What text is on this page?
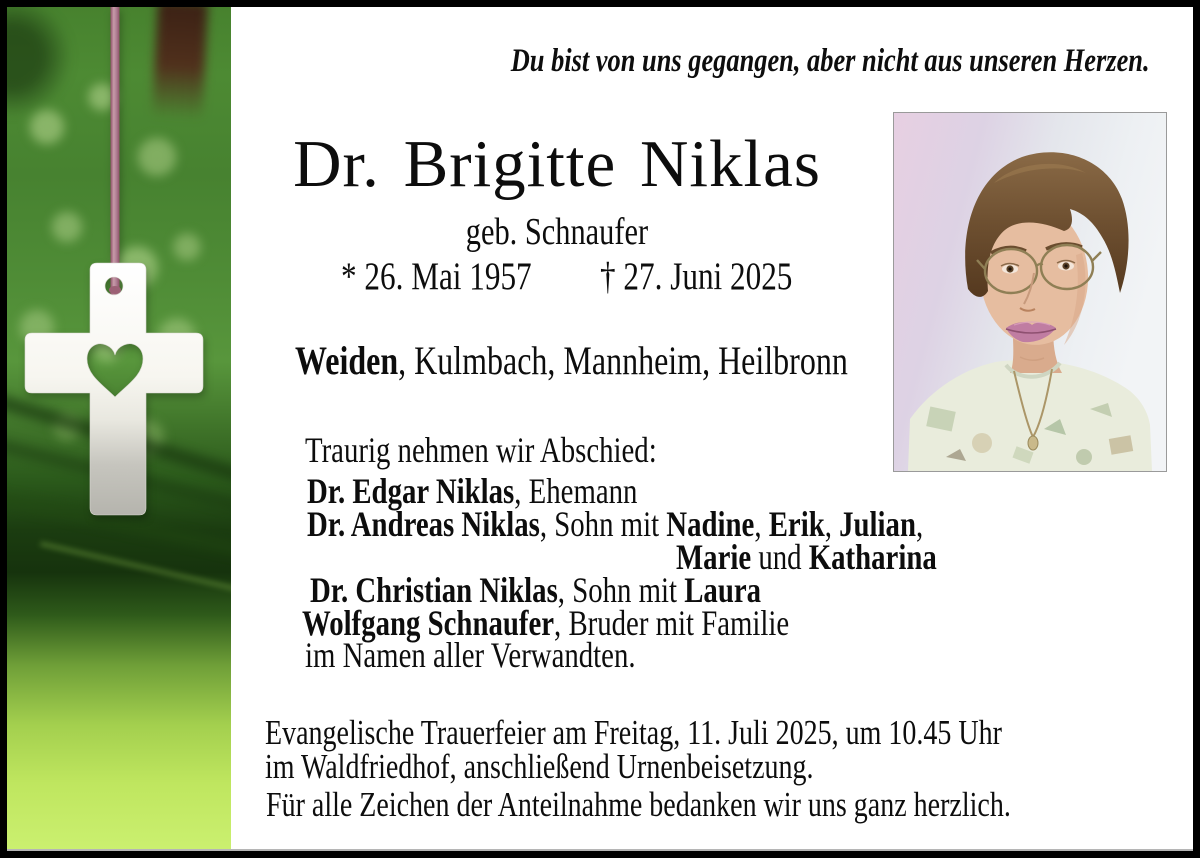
Du bist von uns gegangen, aber nicht aus unseren Herzen.
Dr. Brigitte Niklas
geb. Schnaufer
* 26. Mai 1957	† 27. Juni 2025
Weiden, Kulmbach, Mannheim, Heilbronn
Traurig nehmen wir Abschied:
Dr. Edgar Niklas, Ehemann
Dr. Andreas Niklas, Sohn mit Nadine, Erik, Julian,
Marie und Katharina
Dr. Christian Niklas, Sohn mit Laura
Wolfgang Schnaufer, Bruder mit Familie
im Namen aller Verwandten.
Evangelische Trauerfeier am Freitag, 11. Juli 2025, um 10.45 Uhr
im Waldfriedhof, anschließend Urnenbeisetzung.
Für alle Zeichen der Anteilnahme bedanken wir uns ganz herzlich.
